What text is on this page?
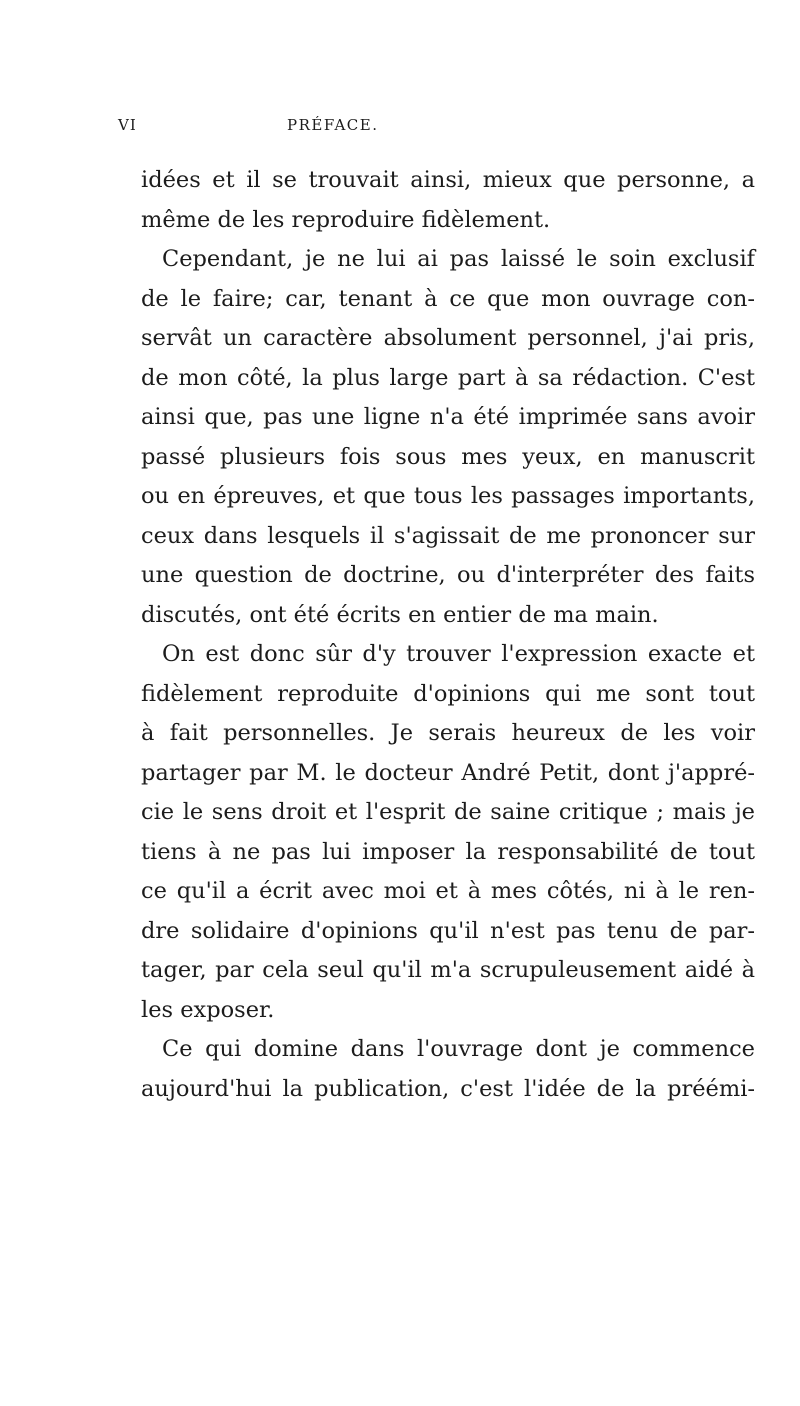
VI	PRÉFACE.
idées et il se trouvait ainsi, mieux que personne, a
même de les reproduire fidèlement.
Cependant, je ne lui ai pas laissé le soin exclusif
de le faire; car, tenant à ce que mon ouvrage con-
servât un caractère absolument personnel, j'ai pris,
de mon côté, la plus large part à sa rédaction. C'est
ainsi que, pas une ligne n'a été imprimée sans avoir
passé plusieurs fois sous mes yeux, en manuscrit
ou en épreuves, et que tous les passages importants,
ceux dans lesquels il s'agissait de me prononcer sur
une question de doctrine, ou d'interpréter des faits
discutés, ont été écrits en entier de ma main.
On est donc sûr d'y trouver l'expression exacte et
fidèlement reproduite d'opinions qui me sont tout
à fait personnelles. Je serais heureux de les voir
partager par M. le docteur André Petit, dont j'appré-
cie le sens droit et l'esprit de saine critique ; mais je
tiens à ne pas lui imposer la responsabilité de tout
ce qu'il a écrit avec moi et à mes côtés, ni à le ren-
dre solidaire d'opinions qu'il n'est pas tenu de par-
tager, par cela seul qu'il m'a scrupuleusement aidé à
les exposer.
Ce qui domine dans l'ouvrage dont je commence
aujourd'hui la publication, c'est l'idée de la préémi-
